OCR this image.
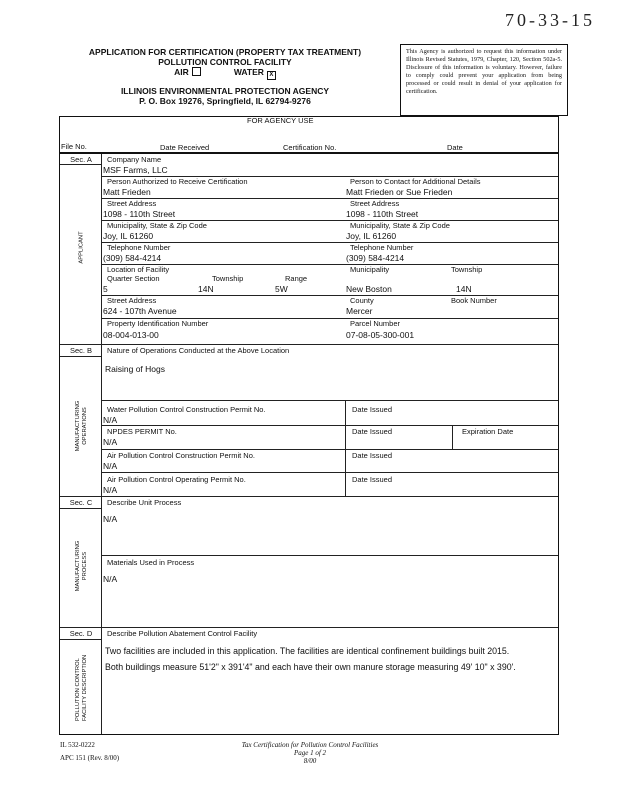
70-33-15
APPLICATION FOR CERTIFICATION (PROPERTY TAX TREATMENT)
POLLUTION CONTROL FACILITY
AIR	WATER X
ILLINOIS ENVIRONMENTAL PROTECTION AGENCY
P. O. Box 19276, Springfield, IL 62794-9276
This Agency is authorized to request this information under Illinois Revised Statutes, 1979, Chapter, 120, Section 502a-5. Disclosure of this information is voluntary. However, failure to comply could prevent your application from being processed or could result in denial of your application for certification.
FOR AGENCY USE
Date Received	Certification No.	Date
File No.
Sec. A
APPLICANT
Company Name
MSF Farms, LLC
Person Authorized to Receive Certification
Matt Frieden
Person to Contact for Additional Details
Matt Frieden or Sue Frieden
Street Address
1098 - 110th Street
Street Address
1098 - 110th Street
Municipality, State & Zip Code
Joy, IL 61260
Municipality, State & Zip Code
Joy, IL 61260
Telephone Number
(309) 584-4214
Telephone Number
(309) 584-4214
Location of Facility
Quarter Section	Township	Range
5	14N	5W
Municipality
New Boston
Township
14N
Street Address
624 - 107th Avenue
County
Mercer
Book Number
Property Identification Number
08-004-013-00
Parcel Number
07-08-05-300-001
Sec. B
MANUFACTURING OPERATIONS
Nature of Operations Conducted at the Above Location
Raising of Hogs
Water Pollution Control Construction Permit No.
N/A
Date Issued
NPDES PERMIT No.
N/A
Date Issued	Expiration Date
Air Pollution Control Construction Permit No.
N/A
Date Issued
Air Pollution Control Operating Permit No.
N/A
Date Issued
Sec. C
MANUFACTURING PROCESS
Describe Unit Process
N/A
Materials Used in Process
N/A
Sec. D
POLLUTION CONTROL FACILITY DESCRIPTION
Describe Pollution Abatement Control Facility
Two facilities are included in this application. The facilities are identical confinement buildings built 2015.
Both buildings measure 51'2" x 391'4" and each have their own manure storage measuring 49' 10" x 390'.
IL 532-0222
APC 151 (Rev. 8/00)
Tax Certification for Pollution Control Facilities
Page 1 of 2
8/00
